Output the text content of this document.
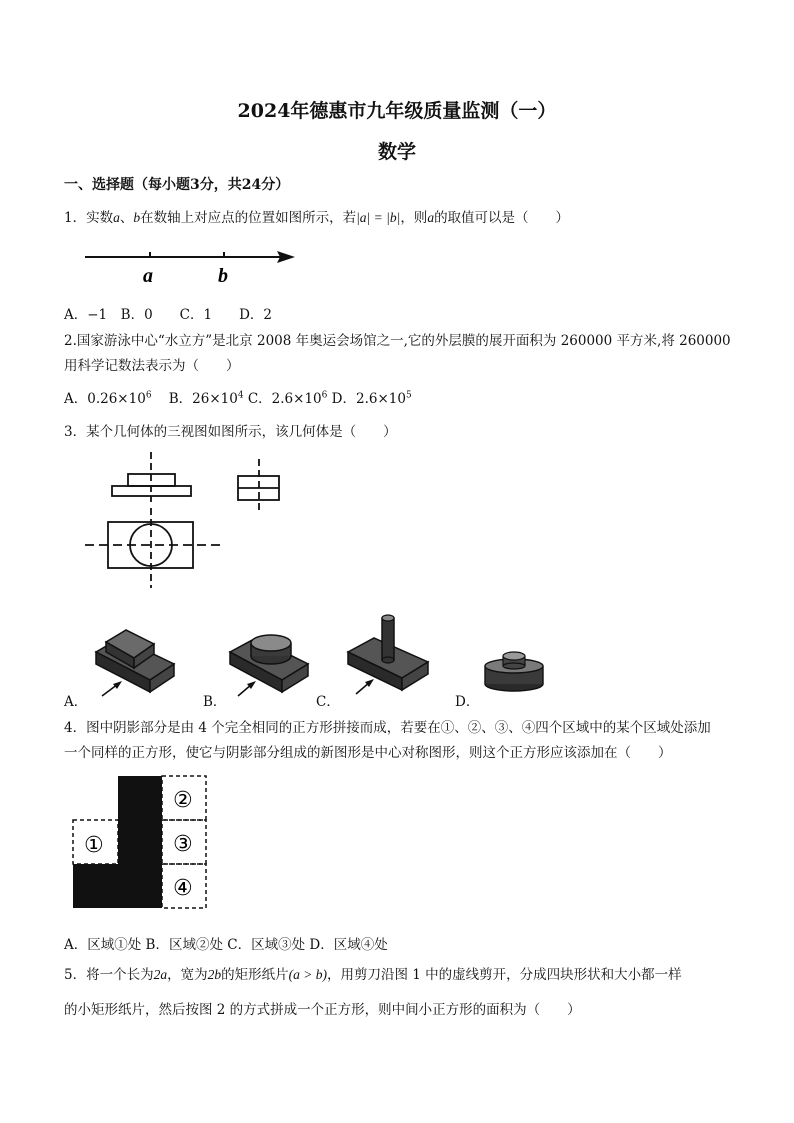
2024年德惠市九年级质量监测（一）
数学
一、选择题（每小题3分，共24分）
1．实数a、b在数轴上对应点的位置如图所示，若|a| = |b|，则a的取值可以是（　　）
a	b
A．−1　B．0　　C．1　　D．2
2.国家游泳中心“水立方”是北京 2008 年奥运会场馆之一,它的外层膜的展开面积为 260000 平方米,将 260000
用科学记数法表示为（　　）
A．$0.26\times 10^6$ B．$26\times 10^4$ C．$2.6\times 10^6$ D．$2.6\times 10^5$
3．某个几何体的三视图如图所示，该几何体是（　　）
A．	B．	C．	D．
4．图中阴影部分是由 4 个完全相同的正方形拼接而成，若要在①、②、③、④四个区域中的某个区域处添加
一个同样的正方形，使它与阴影部分组成的新图形是中心对称图形，则这个正方形应该添加在（　　）
①
②
③
④
A．区域①处 B．区域②处 C．区域③处 D．区域④处
5．将一个长为2a，宽为2b的矩形纸片(a > b)，用剪刀沿图 1 中的虚线剪开，分成四块形状和大小都一样
的小矩形纸片，然后按图 2 的方式拼成一个正方形，则中间小正方形的面积为（　　）
